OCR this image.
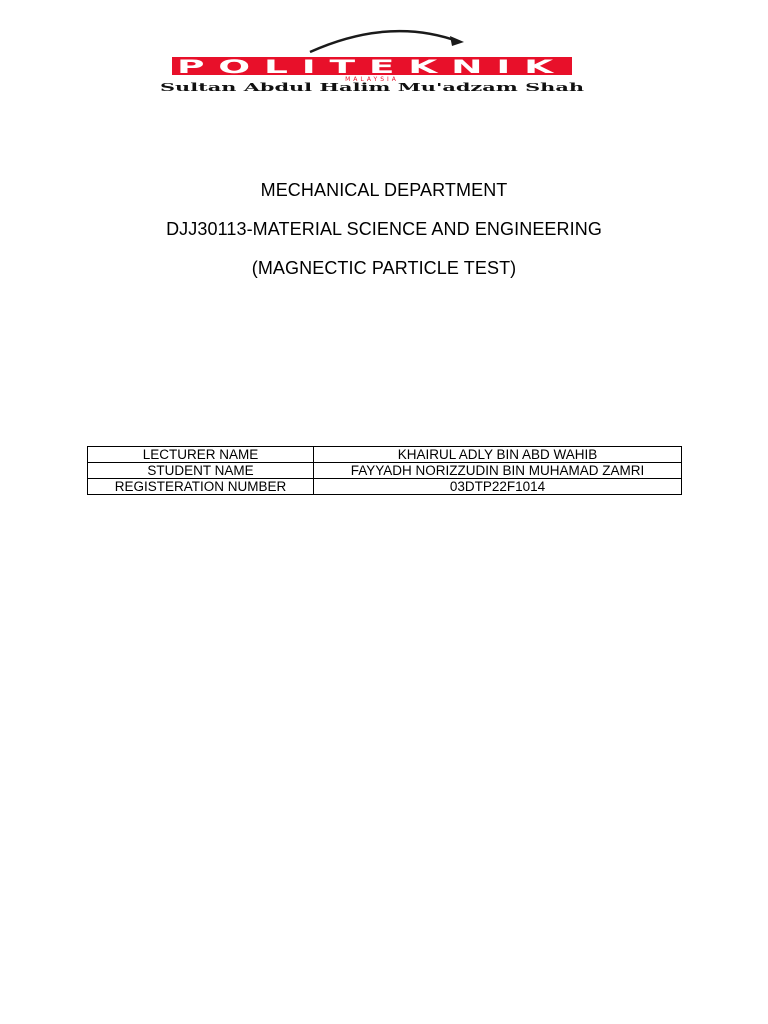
POLITEKNIK
MALAYSIA
Sultan Abdul Halim Mu'adzam Shah
MECHANICAL DEPARTMENT
DJJ30113-MATERIAL SCIENCE AND ENGINEERING
(MAGNECTIC PARTICLE TEST)
LECTURER NAME	KHAIRUL ADLY BIN ABD WAHIB
STUDENT NAME	FAYYADH NORIZZUDIN BIN MUHAMAD ZAMRI
REGISTERATION NUMBER	03DTP22F1014
